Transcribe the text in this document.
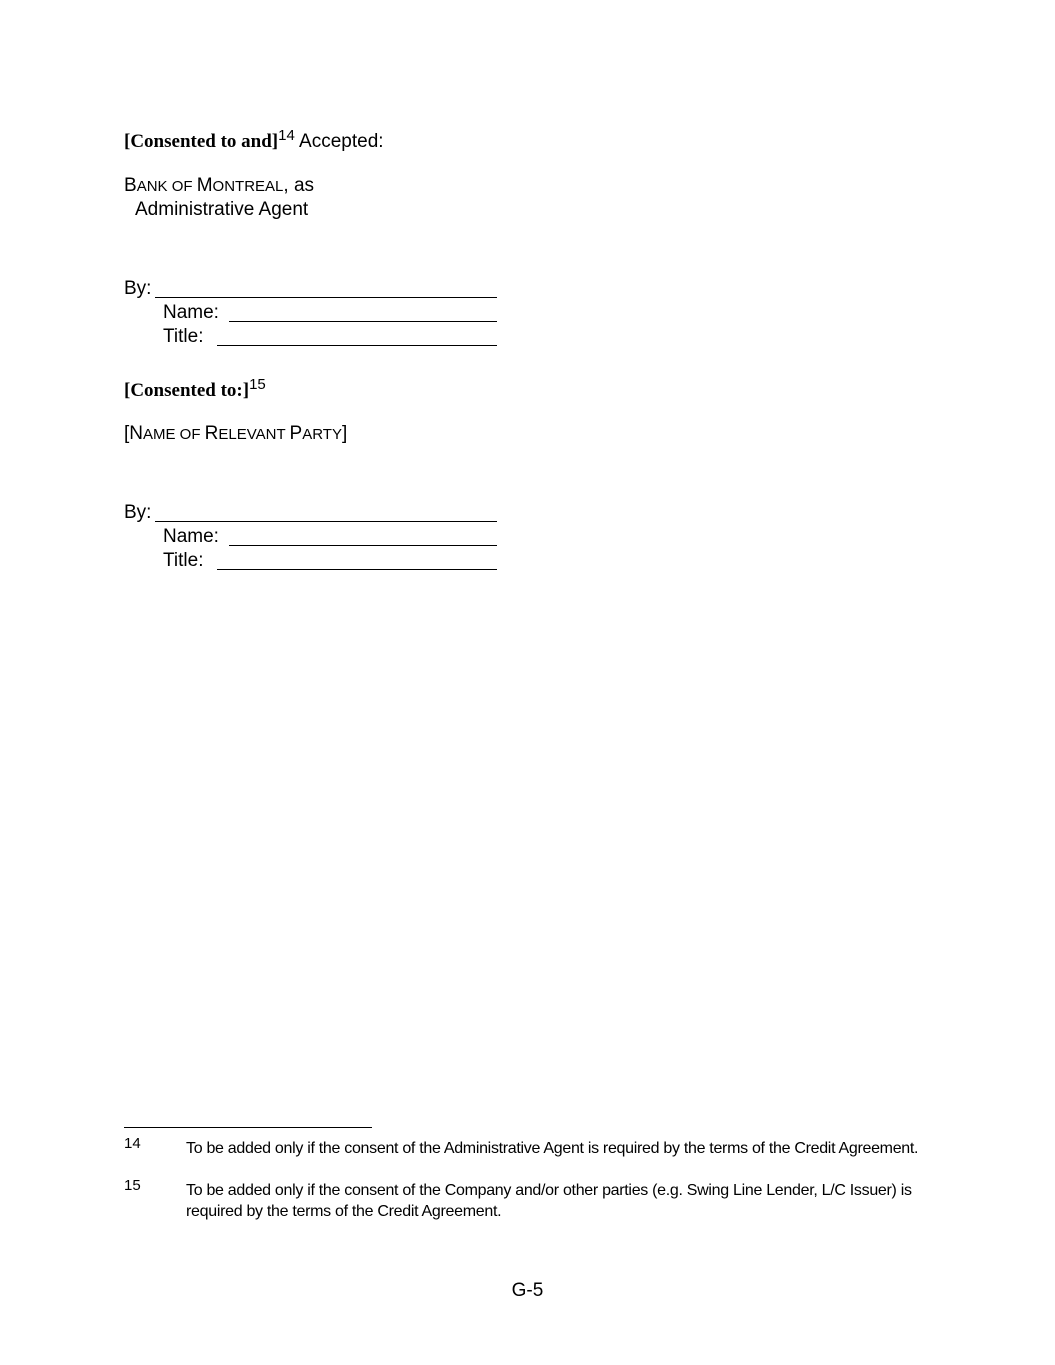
[Consented to and]$^{14}$ Accepted:
BANK OF MONTREAL, as
Administrative Agent
By:
Name:
Title:
[Consented to:]$^{15}$
[NAME OF RELEVANT PARTY]
By:
Name:
Title:
14	To be added only if the consent of the Administrative Agent is required by the terms of the Credit Agreement.
15	To be added only if the consent of the Company and/or other parties (e.g. Swing Line Lender, L/C Issuer) is required by the terms of the Credit Agreement.
G-5
